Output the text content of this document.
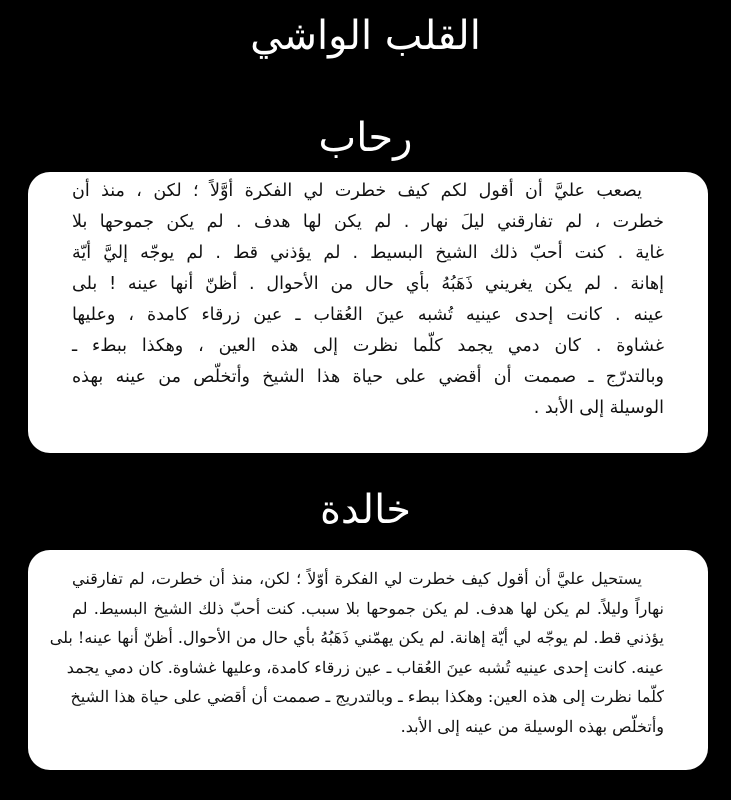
القلب الواشي
رحاب
يصعب عليَّ أن أقول لكم كيف خطرت لي الفكرة أوَّلاً ؛ لكن ، منذ أن
خطرت ، لم تفارقني ليلَ نهار . لم يكن لها هدف . لم يكن جموحها بلا
غاية . كنت أحبّ ذلك الشيخ البسيط . لم يؤذني قط . لم يوجّه إليَّ أيّة
إهانة . لم يكن يغريني ذَهَبُهُ بأي حال من الأحوال . أظنّ أنها عينه ! بلى
عينه . كانت إحدى عينيه تُشبه عينَ العُقاب ـ عين زرقاء كامدة ، وعليها
غشاوة . كان دمي يجمد كلّما نظرت إلى هذه العين ، وهكذا ببطء ـ
وبالتدرّج ـ صممت أن أقضي على حياة هذا الشيخ وأتخلّص من عينه بهذه
الوسيلة إلى الأبد .
خالدة
يستحيل عليَّ أن أقول كيف خطرت لي الفكرة أوّلاً ؛ لكن، منذ أن خطرت، لم تفارقني
نهاراً وليلاً. لم يكن لها هدف. لم يكن جموحها بلا سبب. كنت أحبّ ذلك الشيخ البسيط. لم
يؤذني قط. لم يوجّه لي أيّة إهانة. لم يكن يهمّني ذَهَبُهُ بأي حال من الأحوال. أظنّ أنها عينه! بلى
عينه. كانت إحدى عينيه تُشبه عينَ العُقاب ـ عين زرقاء كامدة، وعليها غشاوة. كان دمي يجمد
كلّما نظرت إلى هذه العين: وهكذا ببطء ـ وبالتدريج ـ صممت أن أقضي على حياة هذا الشيخ
وأتخلّص بهذه الوسيلة من عينه إلى الأبد.
